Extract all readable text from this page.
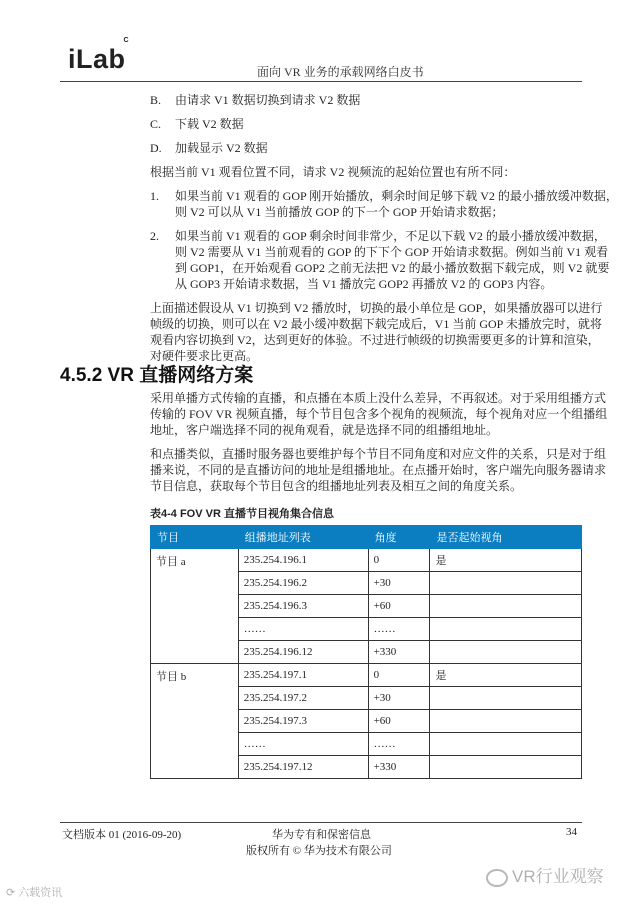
iLab$^C$
面向 VR 业务的承载网络白皮书
B. 由请求 V1 数据切换到请求 V2 数据
C. 下载 V2 数据
D. 加载显示 V2 数据
根据当前 V1 观看位置不同，请求 V2 视频流的起始位置也有所不同：
1. 如果当前 V1 观看的 GOP 刚开始播放，剩余时间足够下载 V2 的最小播放缓冲数据，
则 V2 可以从 V1 当前播放 GOP 的下一个 GOP 开始请求数据；
2. 如果当前 V1 观看的 GOP 剩余时间非常少，不足以下载 V2 的最小播放缓冲数据，
则 V2 需要从 V1 当前观看的 GOP 的下下个 GOP 开始请求数据。例如当前 V1 观看
到 GOP1，在开始观看 GOP2 之前无法把 V2 的最小播放数据下载完成，则 V2 就要
从 GOP3 开始请求数据，当 V1 播放完 GOP2 再播放 V2 的 GOP3 内容。
上面描述假设从 V1 切换到 V2 播放时，切换的最小单位是 GOP，如果播放器可以进行
帧级的切换，则可以在 V2 最小缓冲数据下载完成后，V1 当前 GOP 未播放完时，就将
4.5.2 VR 直播网络方案
采用单播方式传输的直播，和点播在本质上没什么差异，不再叙述。对于采用组播方式
传输的 FOV VR 视频直播，每个节目包含多个视角的视频流，每个视角对应一个组播组
地址，客户端选择不同的视角观看，就是选择不同的组播组地址。
和点播类似，直播时服务器也要维护每个节目不同角度和对应文件的关系，只是对于组
播来说，不同的是直播访问的地址是组播地址。在点播开始时，客户端先向服务器请求
节目信息，获取每个节目包含的组播地址列表及相互之间的角度关系。
表4-4 FOV VR 直播节目视角集合信息
节目	组播地址列表	角度	是否起始视角
节目 a	235.254.196.1	0	是
	235.254.196.2	+30	
	235.254.196.3	+60	
	……	……	
	235.254.196.12	+330	
节目 b	235.254.197.1	0	是
	235.254.197.2	+30	
	235.254.197.3	+60	
	……	……	
	235.254.197.12	+330	
文档版本 01 (2016-09-20)	华为专有和保密信息
版权所有 © 华为技术有限公司
34
VR行业观察
⟳ 六载资讯
观看内容切换到 V2，达到更好的体验。不过进行帧级的切换需要更多的计算和渲染，
对硬件要求比更高。
